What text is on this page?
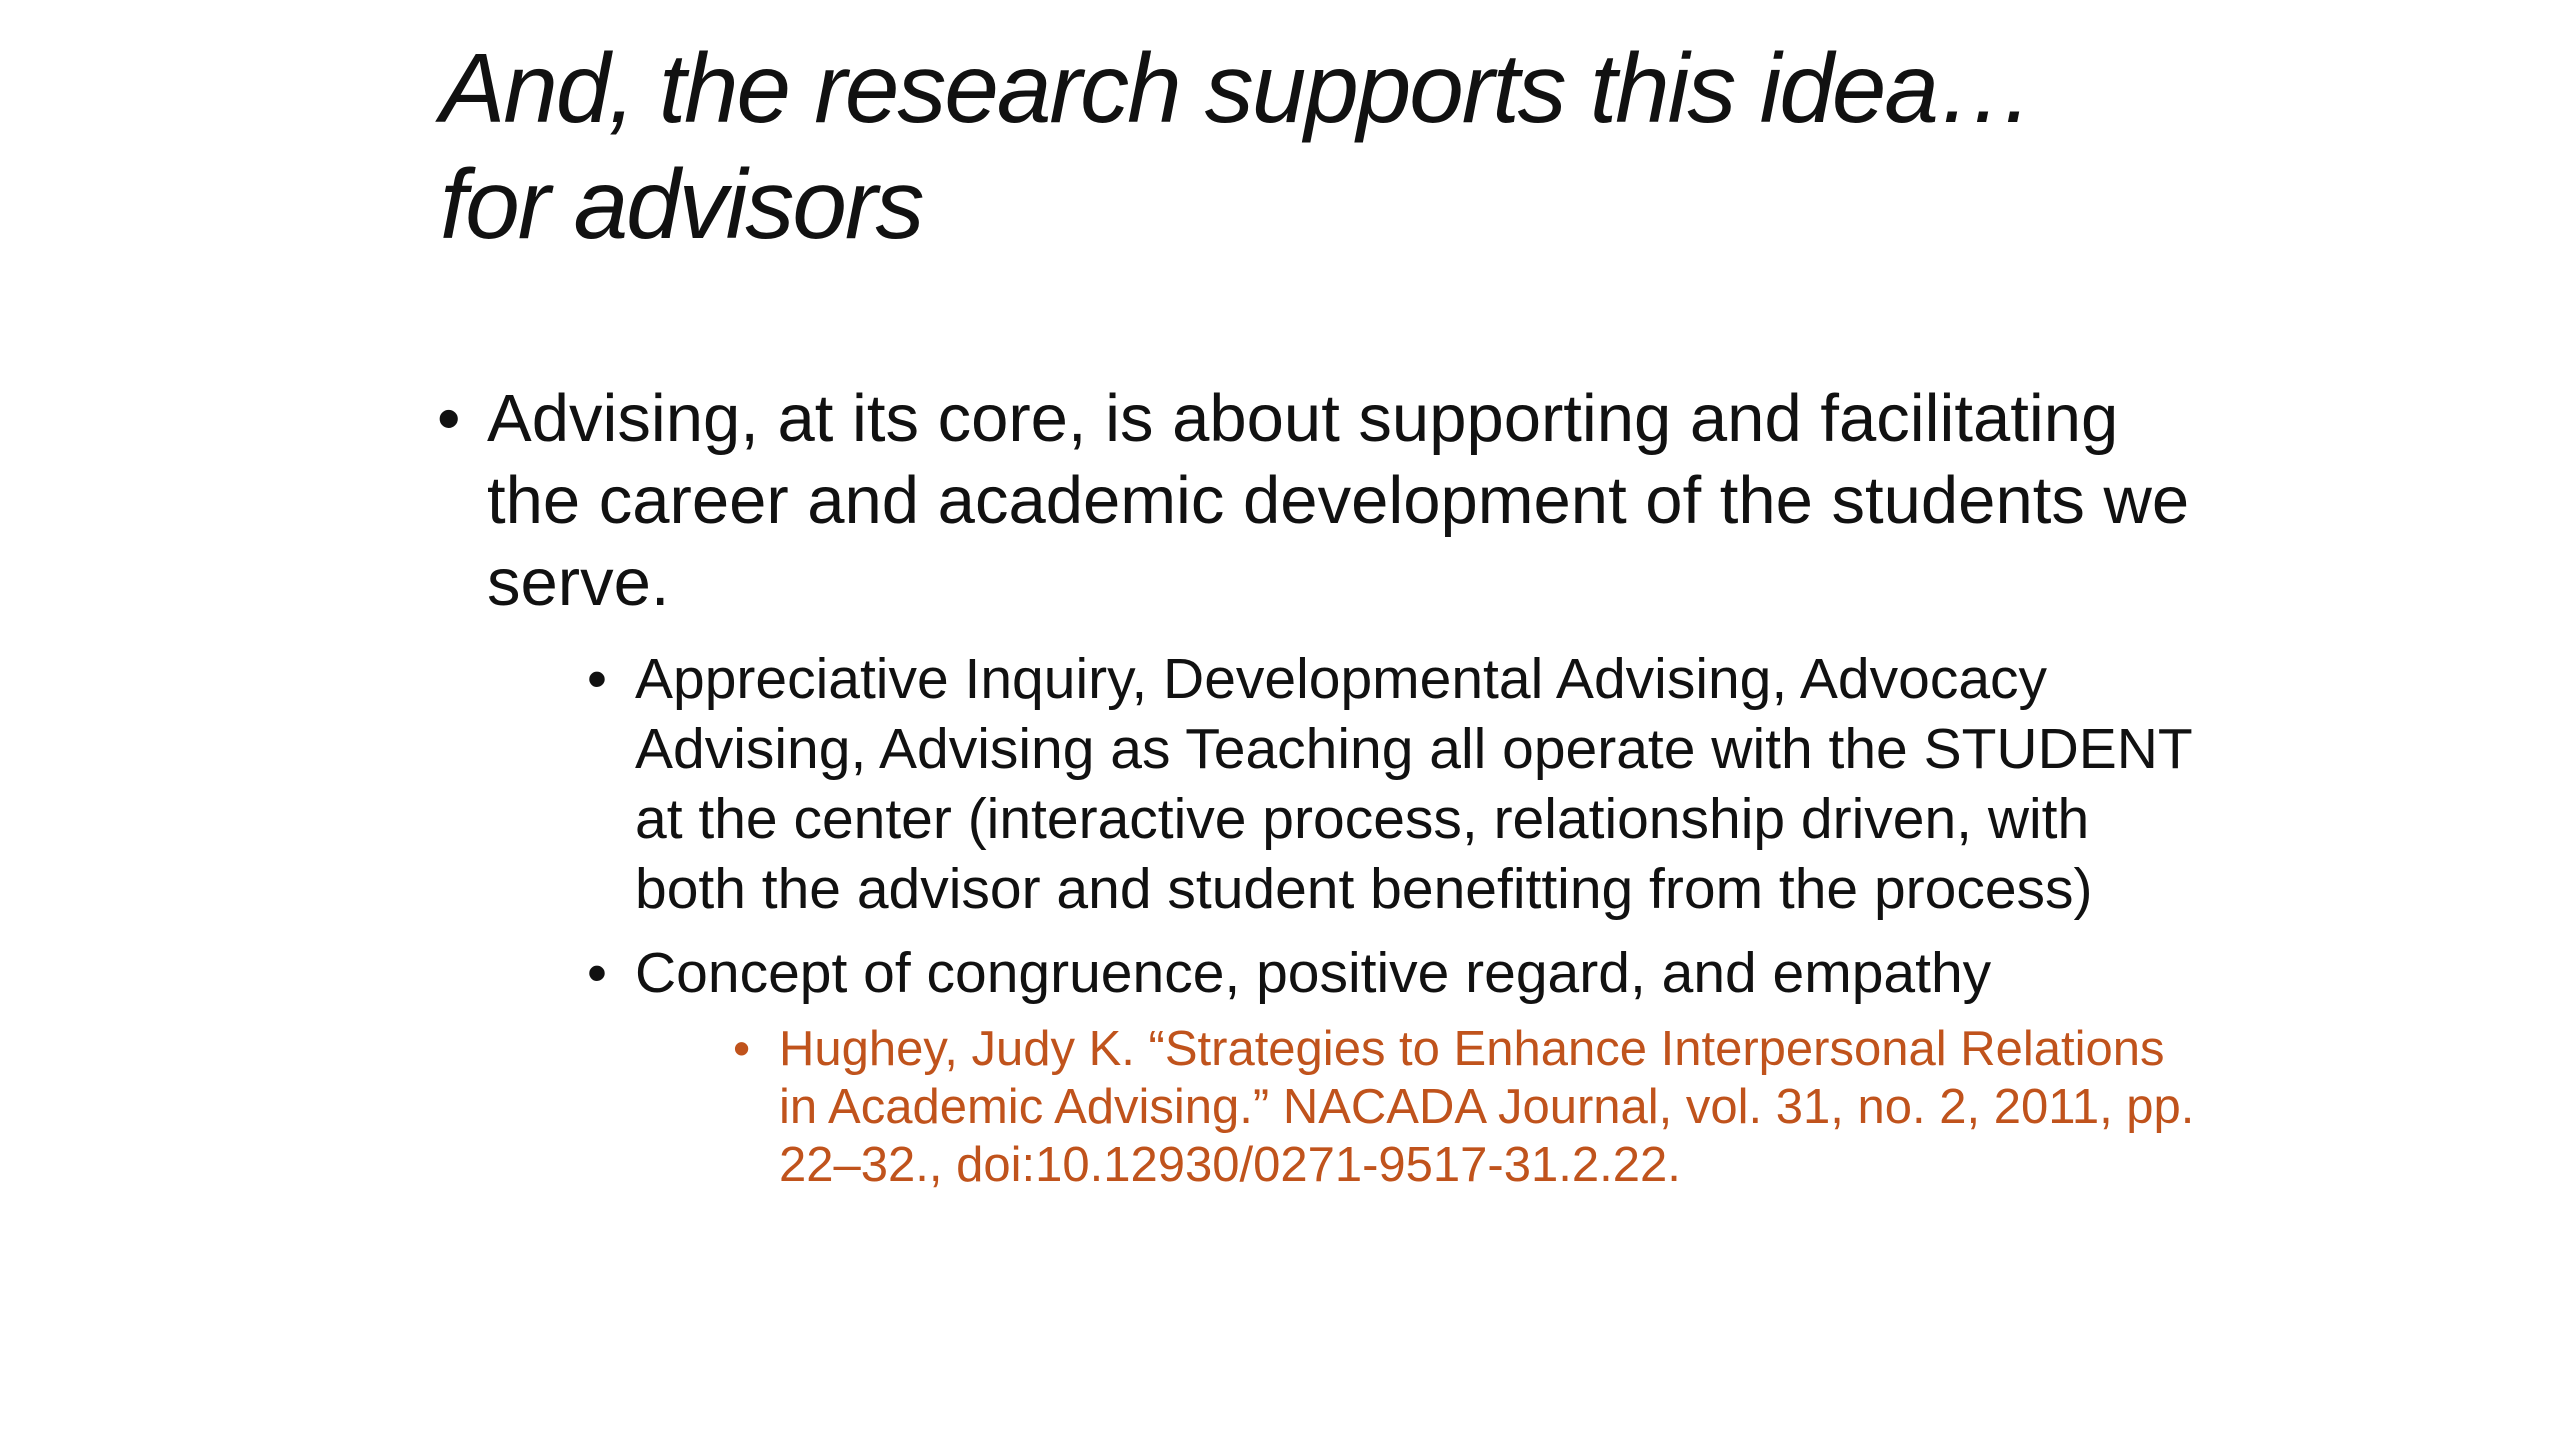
And, the research supports this idea…
for advisors
• Advising, at its core, is about supporting and facilitating the career and academic development of the students we serve.
• Appreciative Inquiry, Developmental Advising, Advocacy Advising, Advising as Teaching all operate with the STUDENT at the center (interactive process, relationship driven, with both the advisor and student benefitting from the process)
• Concept of congruence, positive regard, and empathy
• Hughey, Judy K. “Strategies to Enhance Interpersonal Relations in Academic Advising.” NACADA Journal, vol. 31, no. 2, 2011, pp. 22–32., doi:10.12930/0271-9517-31.2.22.
